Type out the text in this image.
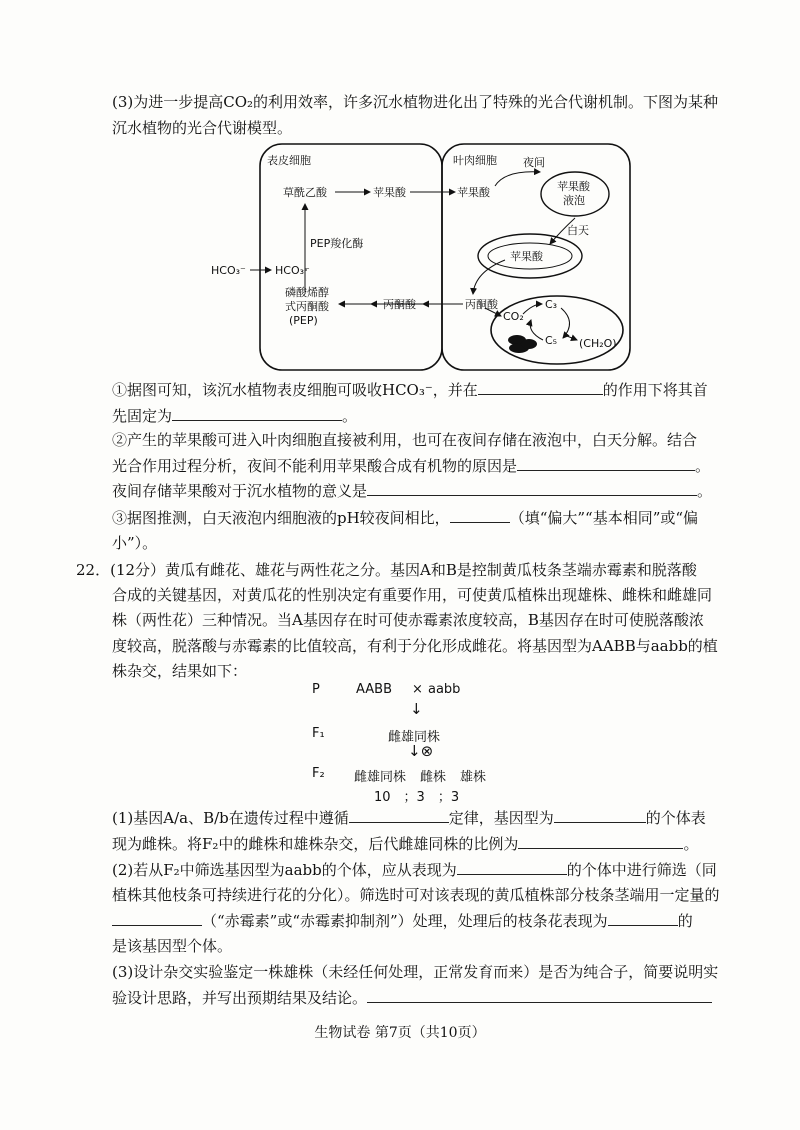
(3)为进一步提高CO₂的利用效率，许多沉水植物进化出了特殊的光合代谢机制。下图为某种
沉水植物的光合代谢模型。
表皮细胞	叶肉细胞
草酰乙酸	苹果酸
PEP羧化酶
HCO₃⁻	HCO₃⁻
磷酸烯醇
式丙酮酸
(PEP)
丙酮酸
苹果酸
夜间
苹果酸
液泡
白天
苹果酸
丙酮酸
CO₂
C₃
C₅ (CH₂O)
①据图可知，该沉水植物表皮细胞可吸收HCO₃⁻，并在	的作用下将其首
先固定为	。
②产生的苹果酸可进入叶肉细胞直接被利用，也可在夜间存储在液泡中，白天分解。结合
光合作用过程分析，夜间不能利用苹果酸合成有机物的原因是	。
夜间存储苹果酸对于沉水植物的意义是	。
③据图推测，白天液泡内细胞液的pH较夜间相比，	（填“偏大”“基本相同”或“偏
小”）。
22．(12分）黄瓜有雌花、雄花与两性花之分。基因A和B是控制黄瓜枝条茎端赤霉素和脱落酸
合成的关键基因，对黄瓜花的性别决定有重要作用，可使黄瓜植株出现雄株、雌株和雌雄同
株（两性花）三种情况。当A基因存在时可使赤霉素浓度较高，B基因存在时可使脱落酸浓
度较高，脱落酸与赤霉素的比值较高，有利于分化形成雌花。将基因型为AABB与aabb的植
株杂交，结果如下：
P	AABB × aabb
↓
F₁	雌雄同株
↓⊗
F₂ 雌雄同株 雌株 雄株
10　；3　；3
(1)基因A/a、B/b在遗传过程中遵循	定律，基因型为	的个体表
现为雌株。将F₂中的雌株和雄株杂交，后代雌雄同株的比例为	。
(2)若从F₂中筛选基因型为aabb的个体，应从表现为	的个体中进行筛选（同
植株其他枝条可持续进行花的分化）。筛选时可对该表现的黄瓜植株部分枝条茎端用一定量的
（“赤霉素”或“赤霉素抑制剂”）处理，处理后的枝条花表现为	的
是该基因型个体。
(3)设计杂交实验鉴定一株雄株（未经任何处理，正常发育而来）是否为纯合子，简要说明实
验设计思路，并写出预期结果及结论。
生物试卷 第7页（共10页）
